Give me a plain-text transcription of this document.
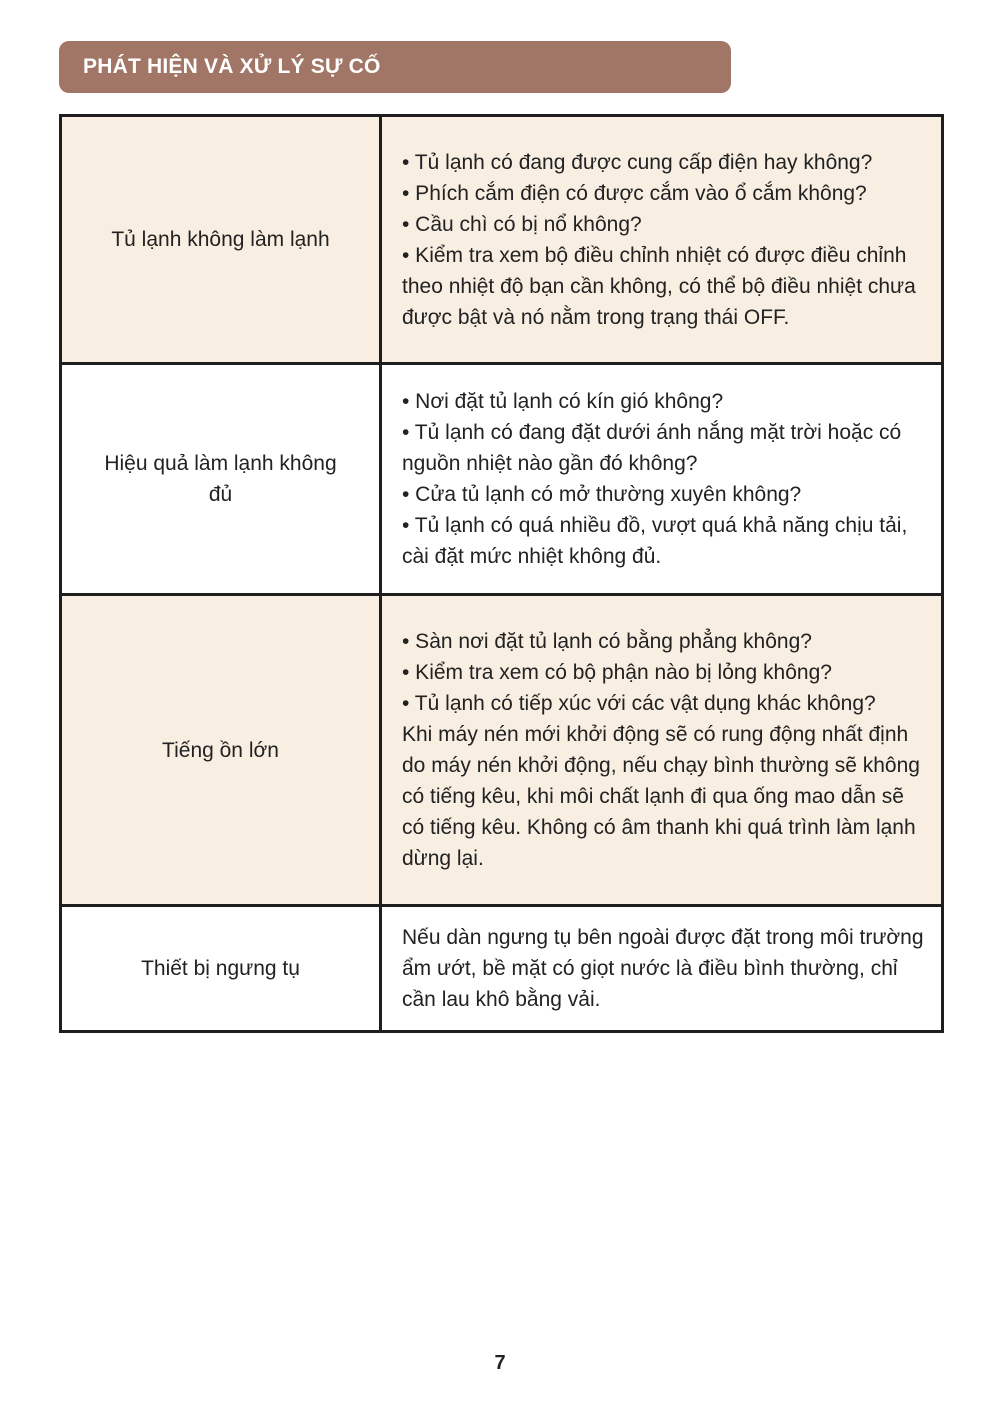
PHÁT HIỆN VÀ XỬ LÝ SỰ CỐ
Tủ lạnh không làm lạnh	• Tủ lạnh có đang được cung cấp điện hay không?
• Phích cắm điện có được cắm vào ổ cắm không?
• Cầu chì có bị nổ không?
• Kiểm tra xem bộ điều chỉnh nhiệt có được điều chỉnh theo nhiệt độ bạn cần không, có thể bộ điều nhiệt chưa được bật và nó nằm trong trạng thái OFF.

Hiệu quả làm lạnh không đủ	• Nơi đặt tủ lạnh có kín gió không?
• Tủ lạnh có đang đặt dưới ánh nắng mặt trời hoặc có nguồn nhiệt nào gần đó không?
• Cửa tủ lạnh có mở thường xuyên không?
• Tủ lạnh có quá nhiều đồ, vượt quá khả năng chịu tải, cài đặt mức nhiệt không đủ.

Tiếng ồn lớn	• Sàn nơi đặt tủ lạnh có bằng phẳng không?
• Kiểm tra xem có bộ phận nào bị lỏng không?
• Tủ lạnh có tiếp xúc với các vật dụng khác không?
Khi máy nén mới khởi động sẽ có rung động nhất định do máy nén khởi động, nếu chạy bình thường sẽ không có tiếng kêu, khi môi chất lạnh đi qua ống mao dẫn sẽ có tiếng kêu. Không có âm thanh khi quá trình làm lạnh dừng lại.

Thiết bị ngưng tụ	Nếu dàn ngưng tụ bên ngoài được đặt trong môi trường ẩm ướt, bề mặt có giọt nước là điều bình thường, chỉ cần lau khô bằng vải.
7
